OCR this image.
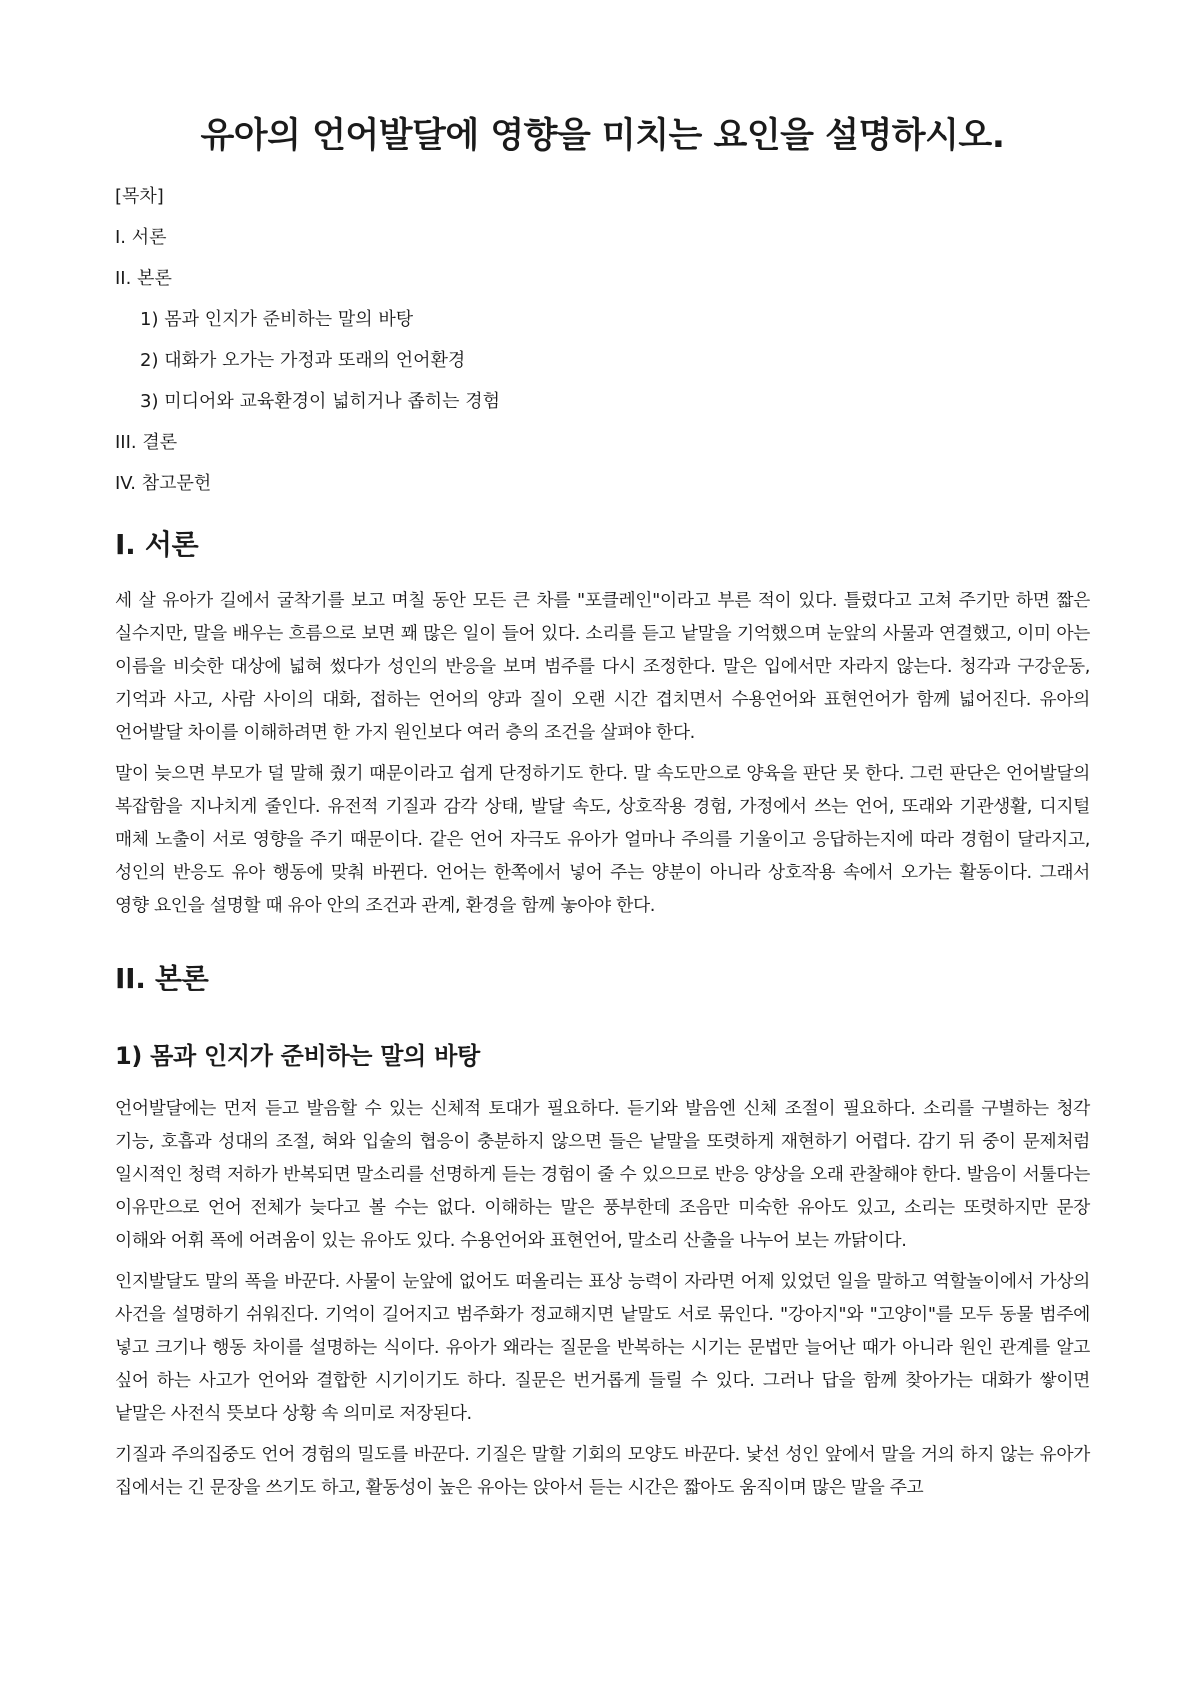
유아의 언어발달에 영향을 미치는 요인을 설명하시오.
[목차]
I. 서론
II. 본론
1) 몸과 인지가 준비하는 말의 바탕
2) 대화가 오가는 가정과 또래의 언어환경
3) 미디어와 교육환경이 넓히거나 좁히는 경험
III. 결론
IV. 참고문헌
I. 서론

세 살 유아가 길에서 굴착기를 보고 며칠 동안 모든 큰 차를 "포클레인"이라고 부른 적이 있다. 틀렸다고 고쳐 주기만 하면 짧은 실수지만, 말을 배우는 흐름으로 보면 꽤 많은 일이 들어 있다. 소리를 듣고 낱말을 기억했으며 눈앞의 사물과 연결했고, 이미 아는 이름을 비슷한 대상에 넓혀 썼다가 성인의 반응을 보며 범주를 다시 조정한다. 말은 입에서만 자라지 않는다. 청각과 구강운동, 기억과 사고, 사람 사이의 대화, 접하는 언어의 양과 질이 오랜 시간 겹치면서 수용언어와 표현언어가 함께 넓어진다. 유아의 언어발달 차이를 이해하려면 한 가지 원인보다 여러 층의 조건을 살펴야 한다.

말이 늦으면 부모가 덜 말해 줬기 때문이라고 쉽게 단정하기도 한다. 말 속도만으로 양육을 판단 못 한다. 그런 판단은 언어발달의 복잡함을 지나치게 줄인다. 유전적 기질과 감각 상태, 발달 속도, 상호작용 경험, 가정에서 쓰는 언어, 또래와 기관생활, 디지털 매체 노출이 서로 영향을 주기 때문이다. 같은 언어 자극도 유아가 얼마나 주의를 기울이고 응답하는지에 따라 경험이 달라지고, 성인의 반응도 유아 행동에 맞춰 바뀐다. 언어는 한쪽에서 넣어 주는 양분이 아니라 상호작용 속에서 오가는 활동이다. 그래서 영향 요인을 설명할 때 유아 안의 조건과 관계, 환경을 함께 놓아야 한다.

II. 본론
1) 몸과 인지가 준비하는 말의 바탕

언어발달에는 먼저 듣고 발음할 수 있는 신체적 토대가 필요하다. 듣기와 발음엔 신체 조절이 필요하다. 소리를 구별하는 청각 기능, 호흡과 성대의 조절, 혀와 입술의 협응이 충분하지 않으면 들은 낱말을 또렷하게 재현하기 어렵다. 감기 뒤 중이 문제처럼 일시적인 청력 저하가 반복되면 말소리를 선명하게 듣는 경험이 줄 수 있으므로 반응 양상을 오래 관찰해야 한다. 발음이 서툴다는 이유만으로 언어 전체가 늦다고 볼 수는 없다. 이해하는 말은 풍부한데 조음만 미숙한 유아도 있고, 소리는 또렷하지만 문장 이해와 어휘 폭에 어려움이 있는 유아도 있다. 수용언어와 표현언어, 말소리 산출을 나누어 보는 까닭이다.

인지발달도 말의 폭을 바꾼다. 사물이 눈앞에 없어도 떠올리는 표상 능력이 자라면 어제 있었던 일을 말하고 역할놀이에서 가상의 사건을 설명하기 쉬워진다. 기억이 길어지고 범주화가 정교해지면 낱말도 서로 묶인다. "강아지"와 "고양이"를 모두 동물 범주에 넣고 크기나 행동 차이를 설명하는 식이다. 유아가 왜라는 질문을 반복하는 시기는 문법만 늘어난 때가 아니라 원인 관계를 알고 싶어 하는 사고가 언어와 결합한 시기이기도 하다. 질문은 번거롭게 들릴 수 있다. 그러나 답을 함께 찾아가는 대화가 쌓이면 낱말은 사전식 뜻보다 상황 속 의미로 저장된다.

기질과 주의집중도 언어 경험의 밀도를 바꾼다. 기질은 말할 기회의 모양도 바꾼다. 낯선 성인 앞에서 말을 거의 하지 않는 유아가 집에서는 긴 문장을 쓰기도 하고, 활동성이 높은 유아는 앉아서 듣는 시간은 짧아도 움직이며 많은 말을 주고
